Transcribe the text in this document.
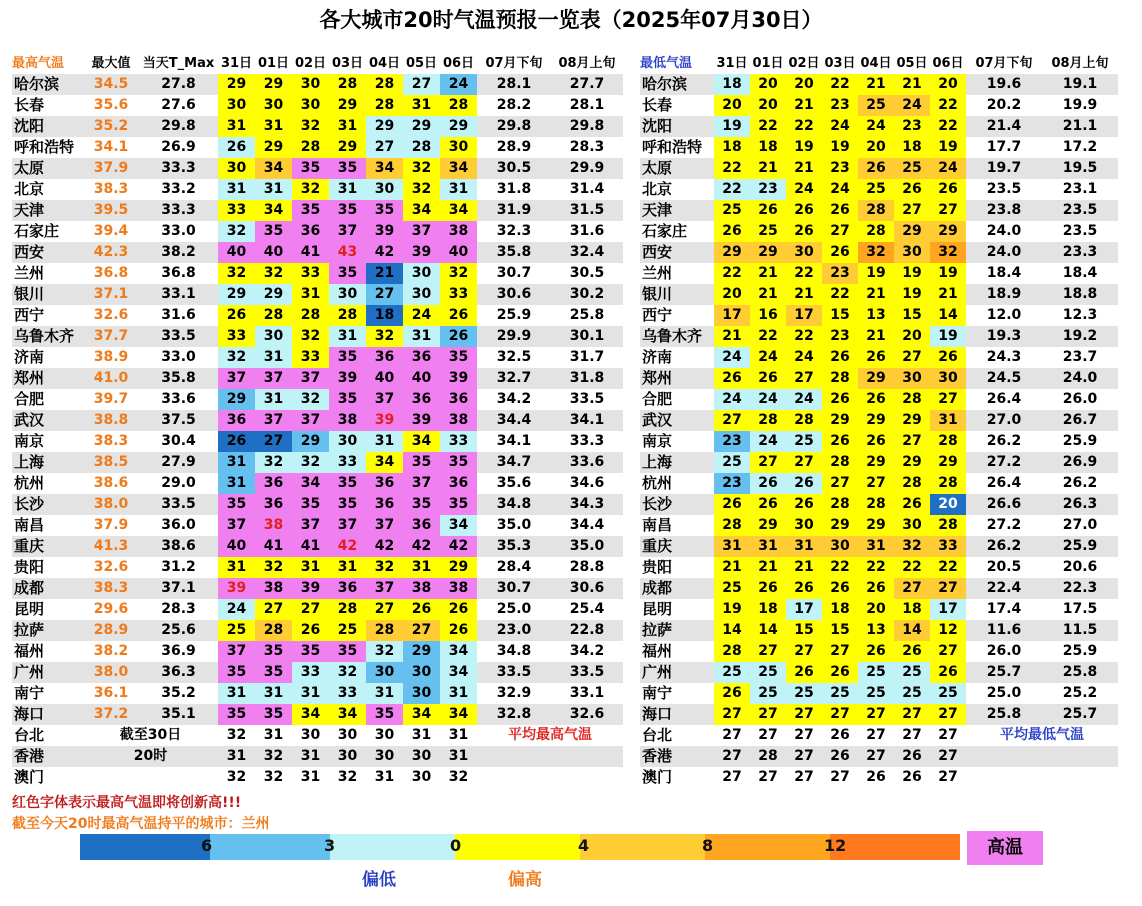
各大城市20时气温预报一览表（2025年07月30日）
最高气温	最大值	当天T_Max	31日	01日	02日	03日	04日	05日	06日	07月下旬	08月上旬
哈尔滨	34.5	27.8	29	29	30	28	28	27	24	28.1	27.7
长春	35.6	27.6	30	30	30	29	28	31	28	28.2	28.1
沈阳	35.2	29.8	31	31	32	31	29	29	29	29.8	29.8
呼和浩特	34.1	26.9	26	29	28	29	27	28	30	28.9	28.3
太原	37.9	33.3	30	34	35	35	34	32	34	30.5	29.9
北京	38.3	33.2	31	31	32	31	30	32	31	31.8	31.4
天津	39.5	33.3	33	34	35	35	35	34	34	31.9	31.5
石家庄	39.4	33.0	32	35	36	37	39	37	38	32.3	31.6
西安	42.3	38.2	40	40	41	43	42	39	40	35.8	32.4
兰州	36.8	36.8	32	32	33	35	21	30	32	30.7	30.5
银川	37.1	33.1	29	29	31	30	27	30	33	30.6	30.2
西宁	32.6	31.6	26	28	28	28	18	24	26	25.9	25.8
乌鲁木齐	37.7	33.5	33	30	32	31	32	31	26	29.9	30.1
济南	38.9	33.0	32	31	33	35	36	36	35	32.5	31.7
郑州	41.0	35.8	37	37	37	39	40	40	39	32.7	31.8
合肥	39.7	33.6	29	31	32	35	37	36	36	34.2	33.5
武汉	38.8	37.5	36	37	37	38	39	39	38	34.4	34.1
南京	38.3	30.4	26	27	29	30	31	34	33	34.1	33.3
上海	38.5	27.9	31	32	32	33	34	35	35	34.7	33.6
杭州	38.6	29.0	31	36	34	35	36	37	36	35.6	34.6
长沙	38.0	33.5	35	36	35	35	36	35	35	34.8	34.3
南昌	37.9	36.0	37	38	37	37	37	36	34	35.0	34.4
重庆	41.3	38.6	40	41	41	42	42	42	42	35.3	35.0
贵阳	32.6	31.2	31	32	31	31	32	31	29	28.4	28.8
成都	38.3	37.1	39	38	39	36	37	38	38	30.7	30.6
昆明	29.6	28.3	24	27	27	28	27	26	26	25.0	25.4
拉萨	28.9	25.6	25	28	26	25	28	27	26	23.0	22.8
福州	38.2	36.9	37	35	35	35	32	29	34	34.8	34.2
广州	38.0	36.3	35	35	33	32	30	30	34	33.5	33.5
南宁	36.1	35.2	31	31	31	33	31	30	31	32.9	33.1
海口	37.2	35.1	35	35	34	34	35	34	34	32.8	32.6
台北	截至30日		32	31	30	30	30	31	31	平均最高气温	
香港	20时		31	32	31	30	30	30	31		
澳门			32	32	31	32	31	30	32		
最低气温	31日	01日	02日	03日	04日	05日	06日	07月下旬	08月上旬
哈尔滨	18	20	20	22	21	21	20	19.6	19.1
长春	20	20	21	23	25	24	22	20.2	19.9
沈阳	19	22	22	24	24	23	22	21.4	21.1
呼和浩特	18	18	19	19	20	18	19	17.7	17.2
太原	22	21	21	23	26	25	24	19.7	19.5
北京	22	23	24	24	25	26	26	23.5	23.1
天津	25	26	26	26	28	27	27	23.8	23.5
石家庄	26	25	26	27	28	29	29	24.0	23.5
西安	29	29	30	26	32	30	32	24.0	23.3
兰州	22	21	22	23	19	19	19	18.4	18.4
银川	20	21	21	22	21	19	21	18.9	18.8
西宁	17	16	17	15	13	15	14	12.0	12.3
乌鲁木齐	21	22	22	23	21	20	19	19.3	19.2
济南	24	24	24	26	26	27	26	24.3	23.7
郑州	26	26	27	28	29	30	30	24.5	24.0
合肥	24	24	24	26	26	28	27	26.4	26.0
武汉	27	28	28	29	29	29	31	27.0	26.7
南京	23	24	25	26	26	27	28	26.2	25.9
上海	25	27	27	28	29	29	29	27.2	26.9
杭州	23	26	26	27	27	28	28	26.4	26.2
长沙	26	26	26	28	28	26	20	26.6	26.3
南昌	28	29	30	29	29	30	28	27.2	27.0
重庆	31	31	31	30	31	32	33	26.2	25.9
贵阳	21	21	21	22	22	22	22	20.5	20.6
成都	25	26	26	26	26	27	27	22.4	22.3
昆明	19	18	17	18	20	18	17	17.4	17.5
拉萨	14	14	15	15	13	14	12	11.6	11.5
福州	28	27	27	27	26	26	27	26.0	25.9
广州	25	25	26	26	25	25	26	25.7	25.8
南宁	26	25	25	25	25	25	25	25.0	25.2
海口	27	27	27	27	27	27	27	25.8	25.7
台北	27	27	27	26	27	27	27	平均最低气温	
香港	27	28	27	26	27	26	27		
澳门	27	27	27	27	26	26	27		
红色字体表示最高气温即将创新高!!!
截至今天20时最高气温持平的城市：兰州
6	3	0	4	8	12	高温
偏低	偏高
